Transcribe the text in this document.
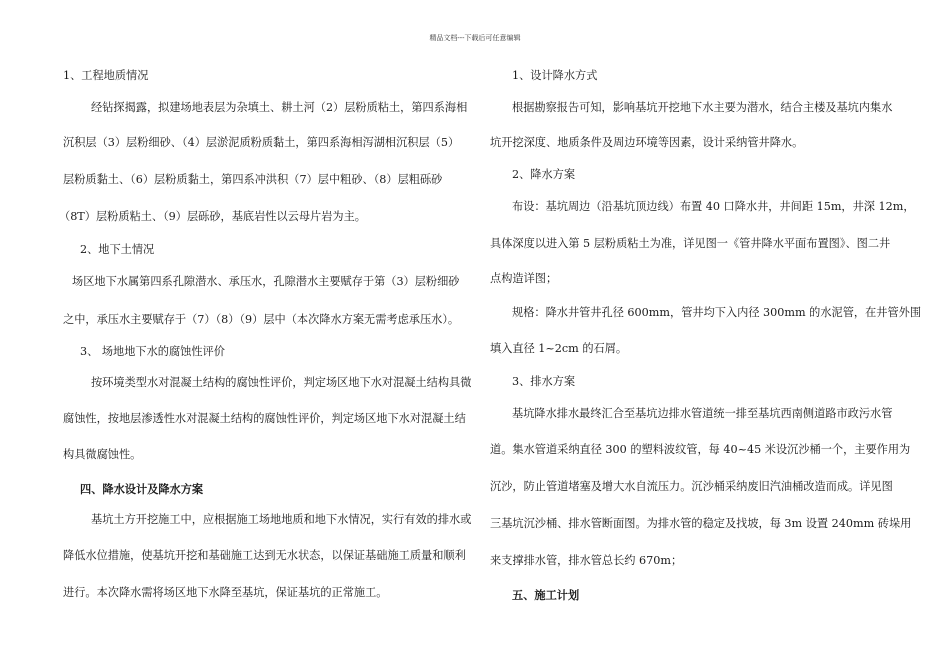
精品文档---下载后可任意编辑
1、工程地质情况
经钻探揭露，拟建场地表层为杂填土、耕土河（2）层粉质粘土，第四系海相
沉积层（3）层粉细砂、（4）层淤泥质粉质黏土，第四系海相泻湖相沉积层（5）
层粉质黏土、（6）层粉质黏土，第四系冲洪积（7）层中粗砂、（8）层粗砾砂
（8T）层粉质粘土、（9）层砾砂，基底岩性以云母片岩为主。
2、地下土情况
场区地下水属第四系孔隙潜水、承压水，孔隙潜水主要赋存于第（3）层粉细砂
之中，承压水主要赋存于（7）（8）（9）层中（本次降水方案无需考虑承压水）。
3、 场地地下水的腐蚀性评价
按环境类型水对混凝土结构的腐蚀性评价，判定场区地下水对混凝土结构具微
腐蚀性，按地层渗透性水对混凝土结构的腐蚀性评价，判定场区地下水对混凝土结
构具微腐蚀性。
四、降水设计及降水方案
基坑土方开挖施工中，应根据施工场地地质和地下水情况，实行有效的排水或
降低水位措施，使基坑开挖和基础施工达到无水状态，以保证基础施工质量和顺利
进行。本次降水需将场区地下水降至基坑，保证基坑的正常施工。
1、设计降水方式
根据勘察报告可知，影响基坑开挖地下水主要为潜水，结合主楼及基坑内集水
坑开挖深度、地质条件及周边环境等因素，设计采纳管井降水。
2、降水方案
布设：基坑周边（沿基坑顶边线）布置 40 口降水井，井间距 15m，井深 12m，
具体深度以进入第 5 层粉质粘土为准，详见图一《管井降水平面布置图》、图二井
点构造详图；
规格：降水井管井孔径 600mm，管井均下入内径 300mm 的水泥管，在井管外围
填入直径 1~2cm 的石屑。
3、排水方案
基坑降水排水最终汇合至基坑边排水管道统一排至基坑西南侧道路市政污水管
道。集水管道采纳直径 300 的塑料波纹管，每 40~45 米设沉沙桶一个，主要作用为
沉沙，防止管道堵塞及增大水自流压力。沉沙桶采纳废旧汽油桶改造而成。详见图
三基坑沉沙桶、排水管断面图。为排水管的稳定及找坡，每 3m 设置 240mm 砖垛用
来支撑排水管，排水管总长约 670m；
五、施工计划
